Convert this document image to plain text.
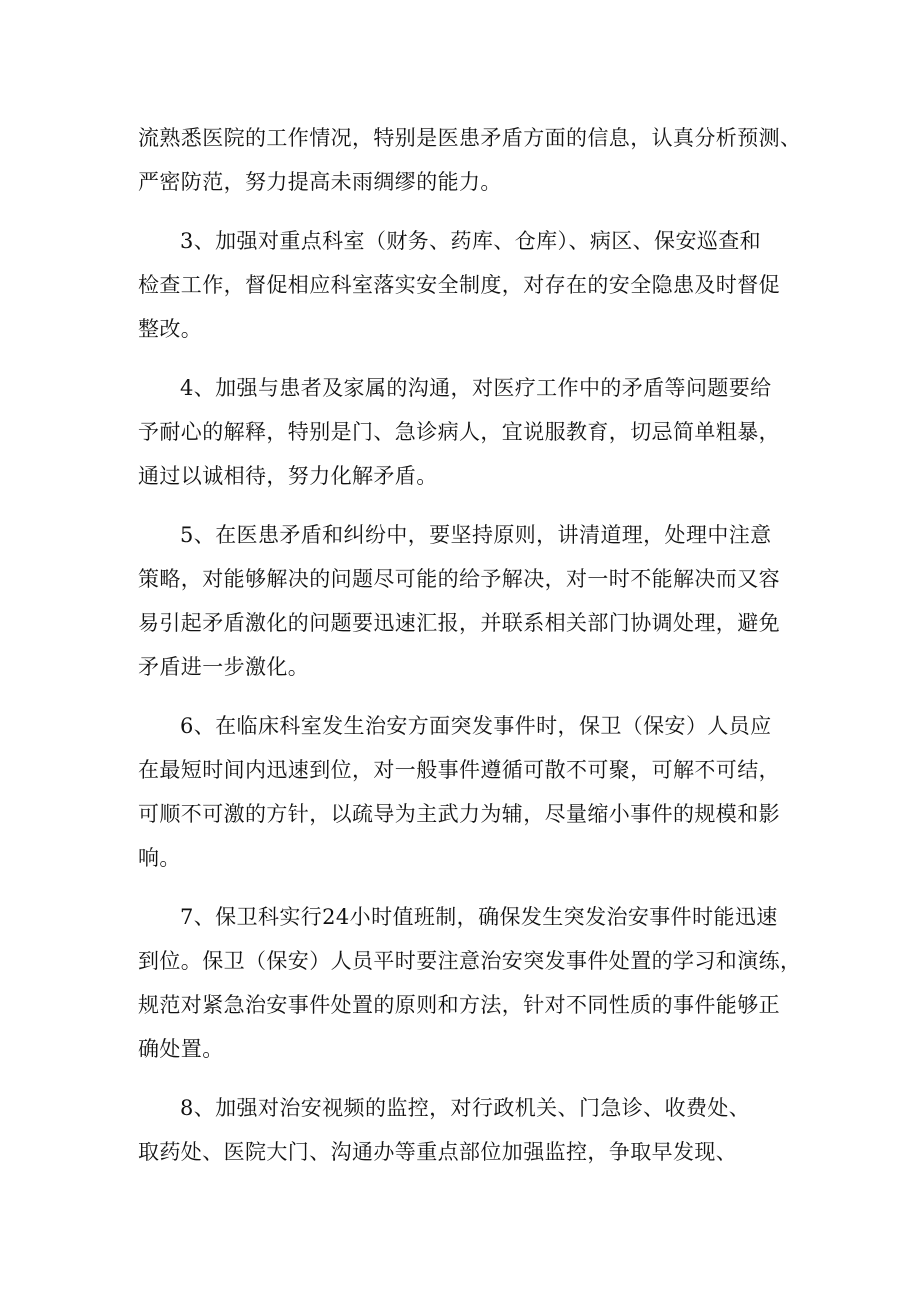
流熟悉医院的工作情况，特别是医患矛盾方面的信息，认真分析预测、
严密防范，努力提高未雨绸缪的能力。

3、加强对重点科室（财务、药库、仓库）、病区、保安巡查和
检查工作，督促相应科室落实安全制度，对存在的安全隐患及时督促
整改。

4、加强与患者及家属的沟通，对医疗工作中的矛盾等问题要给
予耐心的解释，特别是门、急诊病人，宜说服教育，切忌简单粗暴，
通过以诚相待，努力化解矛盾。

5、在医患矛盾和纠纷中，要坚持原则，讲清道理，处理中注意
策略，对能够解决的问题尽可能的给予解决，对一时不能解决而又容
易引起矛盾激化的问题要迅速汇报，并联系相关部门协调处理，避免
矛盾进一步激化。

6、在临床科室发生治安方面突发事件时，保卫（保安）人员应
在最短时间内迅速到位，对一般事件遵循可散不可聚，可解不可结，
可顺不可激的方针，以疏导为主武力为辅，尽量缩小事件的规模和影
响。

7、保卫科实行24小时值班制，确保发生突发治安事件时能迅速
到位。保卫（保安）人员平时要注意治安突发事件处置的学习和演练，
规范对紧急治安事件处置的原则和方法，针对不同性质的事件能够正
确处置。

8、加强对治安视频的监控，对行政机关、门急诊、收费处、
取药处、医院大门、沟通办等重点部位加强监控，争取早发现、
